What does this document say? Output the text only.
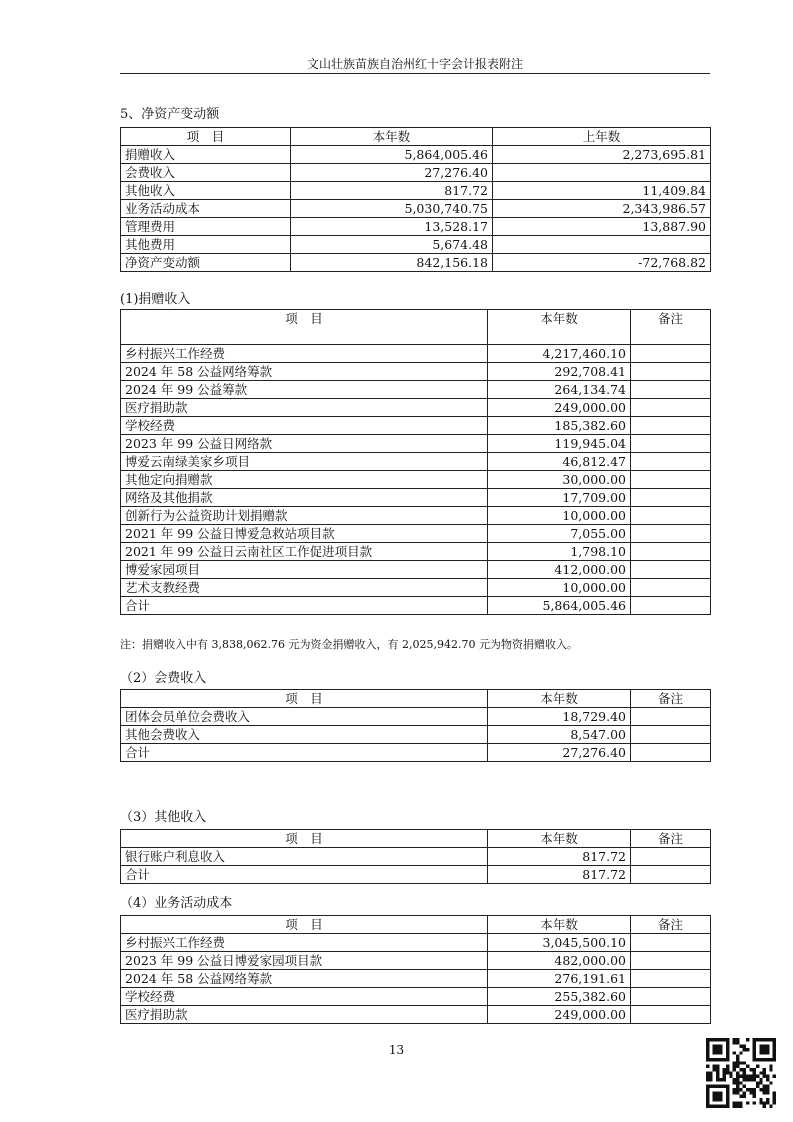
文山壮族苗族自治州红十字会计报表附注
5、净资产变动额
项　目	本年数	上年数
捐赠收入	5,864,005.46	2,273,695.81
会费收入	27,276.40	
其他收入	817.72	11,409.84
业务活动成本	5,030,740.75	2,343,986.57
管理费用	13,528.17	13,887.90
其他费用	5,674.48	
净资产变动额	842,156.18	-72,768.82
(1)捐赠收入
项　目	本年数	备注
乡村振兴工作经费	4,217,460.10	
2024 年 58 公益网络筹款	292,708.41	
2024 年 99 公益筹款	264,134.74	
医疗捐助款	249,000.00	
学校经费	185,382.60	
2023 年 99 公益日网络款	119,945.04	
博爱云南绿美家乡项目	46,812.47	
其他定向捐赠款	30,000.00	
网络及其他捐款	17,709.00	
创新行为公益资助计划捐赠款	10,000.00	
2021 年 99 公益日博爱急救站项目款	7,055.00	
2021 年 99 公益日云南社区工作促进项目款	1,798.10	
博爱家园项目	412,000.00	
艺术支教经费	10,000.00	
合计	5,864,005.46	
注：捐赠收入中有 3,838,062.76 元为资金捐赠收入，有 2,025,942.70 元为物资捐赠收入。
（2）会费收入
项　目	本年数	备注
团体会员单位会费收入	18,729.40	
其他会费收入	8,547.00	
合计	27,276.40	
（3）其他收入
项　目	本年数	备注
银行账户利息收入	817.72	
合计	817.72	
（4）业务活动成本
项　目	本年数	备注
乡村振兴工作经费	3,045,500.10	
2023 年 99 公益日博爱家园项目款	482,000.00	
2024 年 58 公益网络筹款	276,191.61	
学校经费	255,382.60	
医疗捐助款	249,000.00	
13
